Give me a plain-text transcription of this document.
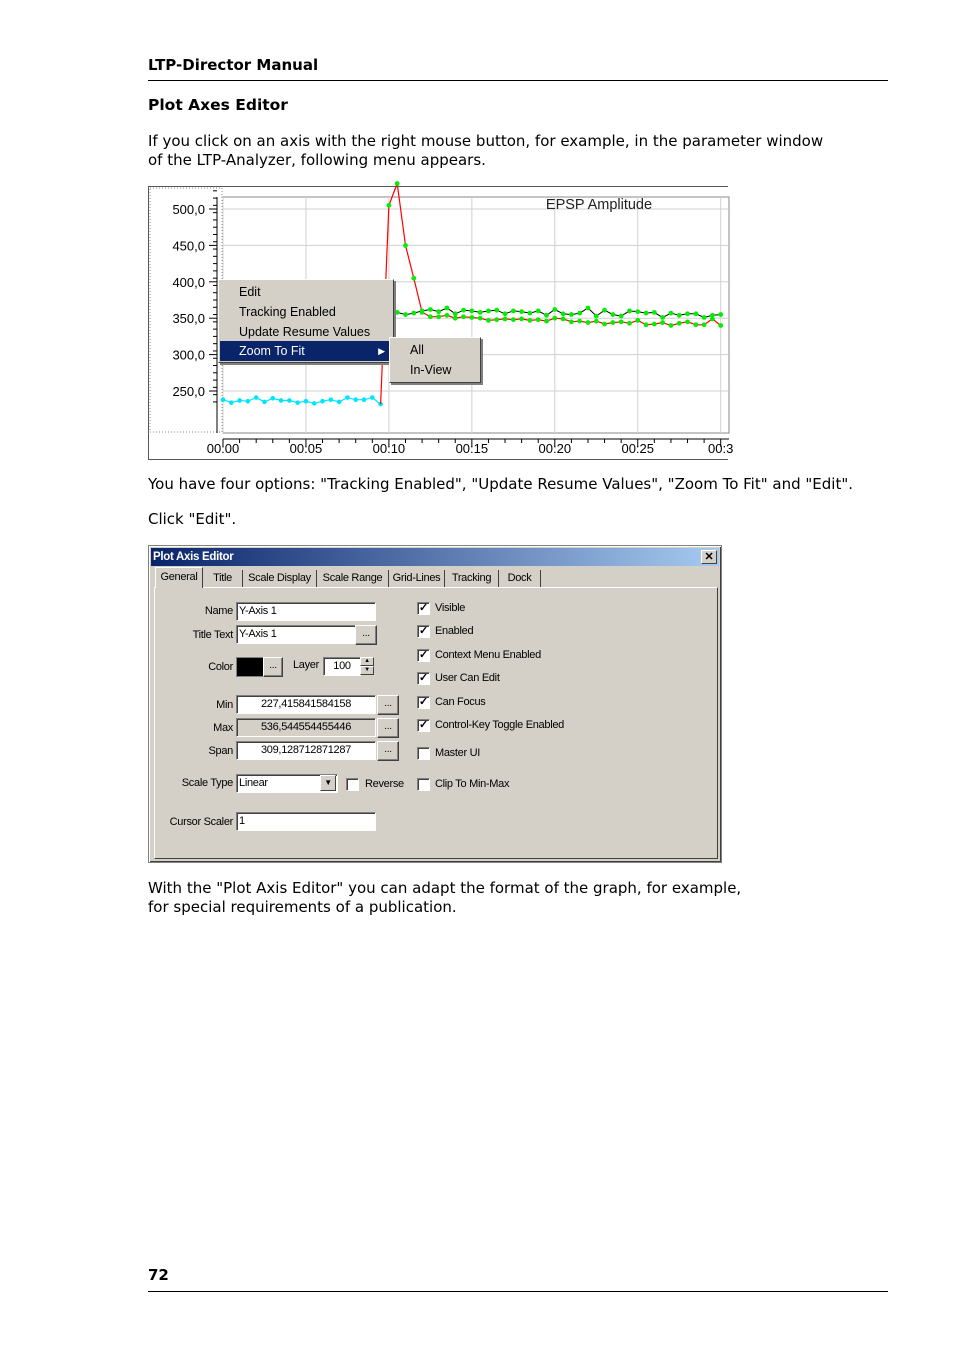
LTP-Director Manual
Plot Axes Editor

If you click on an axis with the right mouse button, for example, in the parameter window
of the LTP-Analyzer, following menu appears.

500,0
450,0
400,0
350,0
300,0
250,0
00:00	00:05	00:10	00:15	00:20	00:25	00:3
EPSP Amplitude
Edit
Tracking Enabled
Update Resume Values
Zoom To Fit	▶	All
In-View

You have four options: "Tracking Enabled", "Update Resume Values", "Zoom To Fit" and "Edit".

Click "Edit".

Plot Axis Editor	✕
General	Title	Scale Display	Scale Range Grid-Lines	Tracking	Dock
Name Y-Axis 1
Title Text Y-Axis 1	...
Color	...	Layer	100	▲
▼
Min	227,415841584158	...
Max	536,544554455446	...
Span	309,128712871287	...
Scale Type Linear	▼	Reverse
Cursor Scaler 1
✓ Visible
✓ Enabled
✓ Context Menu Enabled
✓ User Can Edit
✓ Can Focus
✓ Control-Key Toggle Enabled
Master UI
Clip To Min-Max

With the "Plot Axis Editor" you can adapt the format of the graph, for example,
for special requirements of a publication.

72
